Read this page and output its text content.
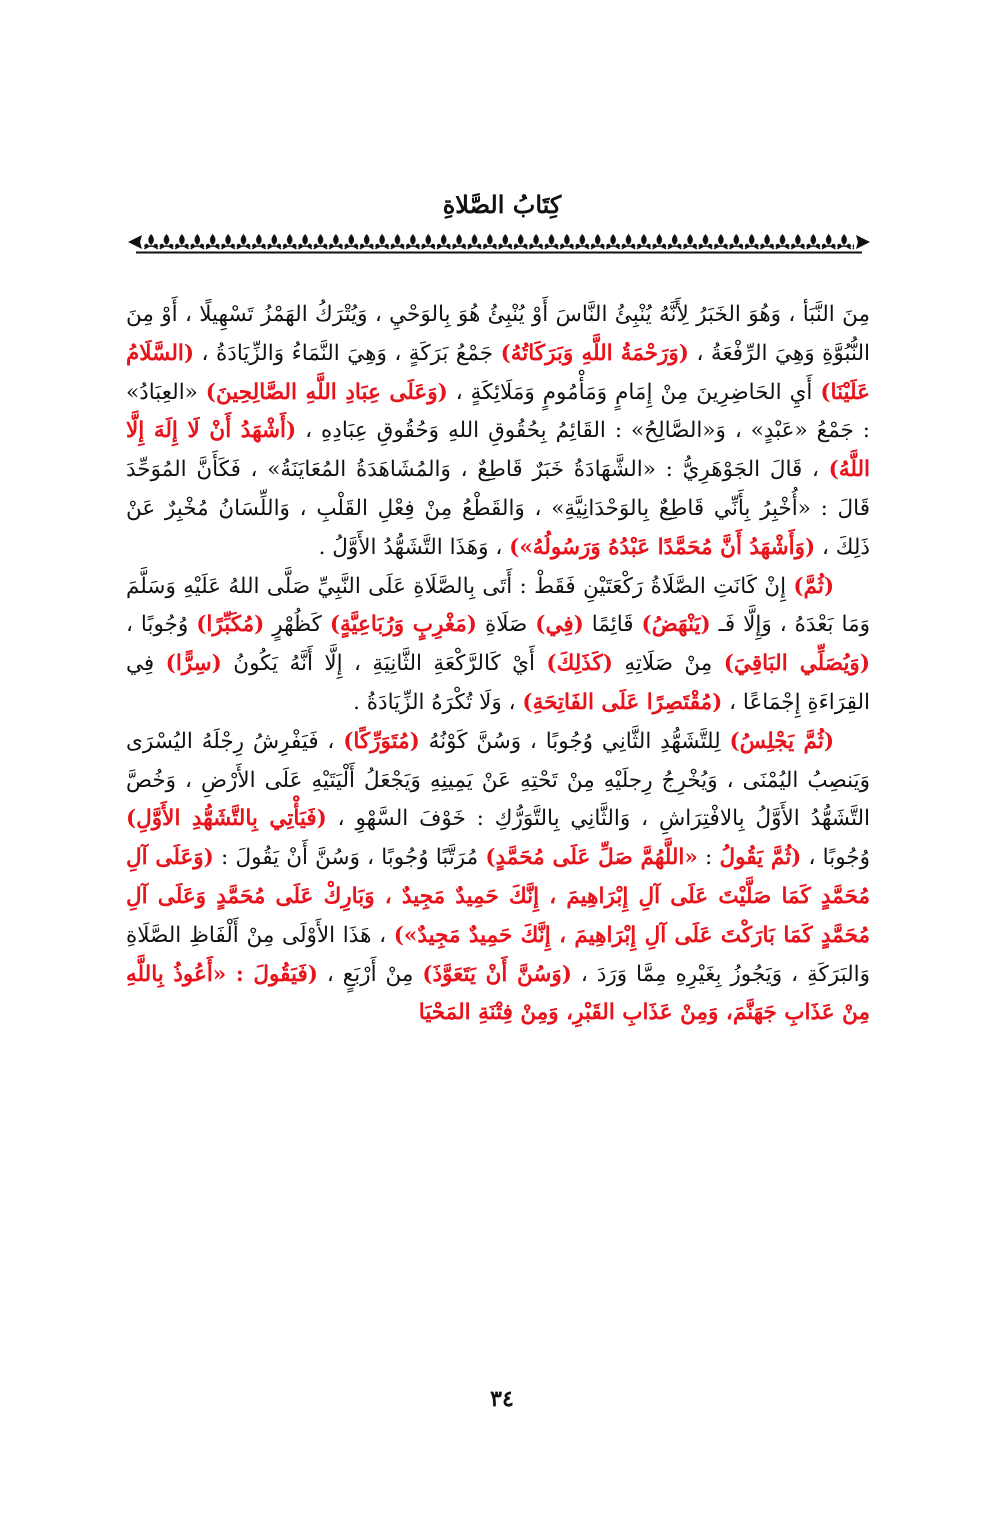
كِتَابُ الصَّلاةِ

مِنَ النَّبَأ ، وَهُوَ الخَبَرُ لِأَنَّهُ يُنْبِئُ النَّاسَ أَوْ يُنْبِئُ هُوَ بِالوَحْيِ ، وَيُتْرَكُ الهَمْزُ تَسْهِيلًا ، أَوْ مِنَ النُّبُوَّةِ وَهِيَ الرِّفْعَةُ ، (وَرَحْمَةُ اللَّهِ وَبَرَكَاتُهُ) جَمْعُ بَرَكَةٍ ، وَهِيَ النَّمَاءُ وَالزِّيَادَةُ ، (السَّلَامُ عَلَيْنَا) أَيِ الحَاضِرِينَ مِنْ إِمَامٍ وَمَأْمُومٍ وَمَلَائِكَةٍ ، (وَعَلَى عِبَادِ اللَّهِ الصَّالِحِينَ) «العِبَادُ» : جَمْعُ «عَبْدٍ» ، وَ«الصَّالِحُ» : القَائِمُ بِحُقُوقِ اللهِ وَحُقُوقِ عِبَادِهِ ، (أَشْهَدُ أَنْ لَا إِلَهَ إِلَّا اللَّهُ) ، قَالَ الجَوْهَرِيُّ : «الشَّهَادَةُ خَبَرٌ قَاطِعٌ ، وَالمُشَاهَدَةُ المُعَايَنَةُ» ، فَكَأَنَّ المُوَحِّدَ قَالَ : «أُخْبِرُ بِأَنِّي قَاطِعٌ بِالوَحْدَانِيَّةِ» ، وَالقَطْعُ مِنْ فِعْلِ القَلْبِ ، وَاللِّسَانُ مُخْبِرٌ عَنْ ذَلِكَ ، (وَأَشْهَدُ أَنَّ مُحَمَّدًا عَبْدُهُ وَرَسُولُهُ») ، وَهَذَا التَّشَهُّدُ الأَوَّلُ .

(ثُمَّ) إِنْ كَانَتِ الصَّلَاةُ رَكْعَتَيْنِ فَقَطْ : أَتَى بِالصَّلَاةِ عَلَى النَّبِيِّ صَلَّى اللهُ عَلَيْهِ وَسَلَّمَ وَمَا بَعْدَهُ ، وَإِلَّا فَـ (يَنْهَضُ) قَائِمًا (فِي) صَلَاةِ (مَغْرِبٍ وَرُبَاعِيَّةٍ) كَظُهْرٍ (مُكَبِّرًا) وُجُوبًا ، (وَيُصَلِّي البَاقِيَ) مِنْ صَلَاتِهِ (كَذَلِكَ) أَيْ كَالرَّكْعَةِ الثَّانِيَةِ ، إِلَّا أَنَّهُ يَكُونُ (سِرًّا) فِي القِرَاءَةِ إِجْمَاعًا ، (مُقْتَصِرًا عَلَى الفَاتِحَةِ) ، وَلَا تُكْرَهُ الزِّيَادَةُ .

(ثُمَّ يَجْلِسُ) لِلتَّشَهُّدِ الثَّانِي وُجُوبًا ، وَسُنَّ كَوْنُهُ (مُتَوَرِّكًا) ، فَيَفْرِشُ رِجْلَهُ اليُسْرَى وَيَنصِبُ اليُمْنَى ، وَيُخْرِجُ رِجلَيْهِ مِنْ تَحْتِهِ عَنْ يَمِينِهِ وَيَجْعَلُ أَلْيَتَيْهِ عَلَى الأَرْضِ ، وَخُصَّ التَّشَهُّدُ الأَوَّلُ بِالافْتِرَاشِ ، وَالثَّانِي بِالتَّوَرُّكِ : خَوْفَ السَّهْوِ ، (فَيَأْتِي بِالتَّشَهُّدِ الأَوَّلِ) وُجُوبًا ، (ثُمَّ يَقُولُ : «اللَّهُمَّ صَلِّ عَلَى مُحَمَّدٍ) مُرَتَّبًا وُجُوبًا ، وَسُنَّ أَنْ يَقُولَ : (وَعَلَى آلِ مُحَمَّدٍ كَمَا صَلَّيْتَ عَلَى آلِ إِبْرَاهِيمَ ، إِنَّكَ حَمِيدٌ مَجِيدٌ ، وَبَارِكْ عَلَى مُحَمَّدٍ وَعَلَى آلِ مُحَمَّدٍ كَمَا بَارَكْتَ عَلَى آلِ إِبْرَاهِيمَ ، إِنَّكَ حَمِيدٌ مَجِيدٌ») ، هَذَا الأَوْلَى مِنْ أَلْفَاظِ الصَّلَاةِ وَالبَرَكَةِ ، وَيَجُوزُ بِغَيْرِهِ مِمَّا وَرَدَ ، (وَسُنَّ أَنْ يَتَعَوَّذَ) مِنْ أَرْبَعٍ ، (فَيَقُولَ : «أَعُوذُ بِاللَّهِ مِنْ عَذَابِ جَهَنَّمَ، وَمِنْ عَذَابِ القَبْرِ، وَمِنْ فِتْنَةِ المَحْيَا

٣٤
